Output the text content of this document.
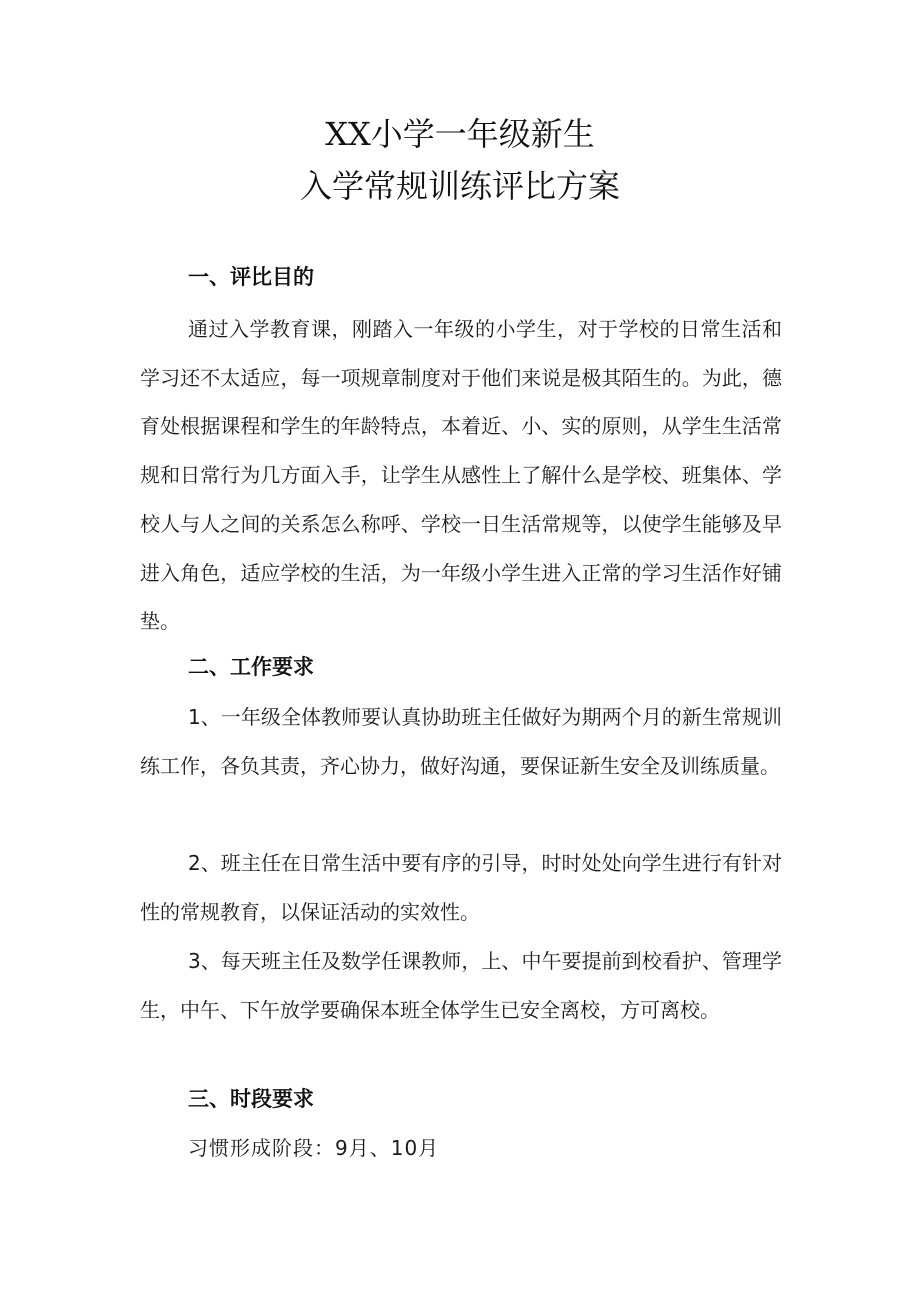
XX小学一年级新生
入学常规训练评比方案
一、评比目的

通过入学教育课，刚踏入一年级的小学生，对于学校的日常生活和学习还不太适应，每一项规章制度对于他们来说是极其陌生的。为此，德育处根据课程和学生的年龄特点，本着近、小、实的原则，从学生生活常规和日常行为几方面入手，让学生从感性上了解什么是学校、班集体、学校人与人之间的关系怎么称呼、学校一日生活常规等，以使学生能够及早进入角色，适应学校的生活，为一年级小学生进入正常的学习生活作好铺垫。

二、工作要求

1、一年级全体教师要认真协助班主任做好为期两个月的新生常规训练工作，各负其责，齐心协力，做好沟通，要保证新生安全及训练质量。

2、班主任在日常生活中要有序的引导，时时处处向学生进行有针对性的常规教育，以保证活动的实效性。

3、每天班主任及数学任课教师，上、中午要提前到校看护、管理学生，中午、下午放学要确保本班全体学生已安全离校，方可离校。

三、时段要求
习惯形成阶段：9月、10月
